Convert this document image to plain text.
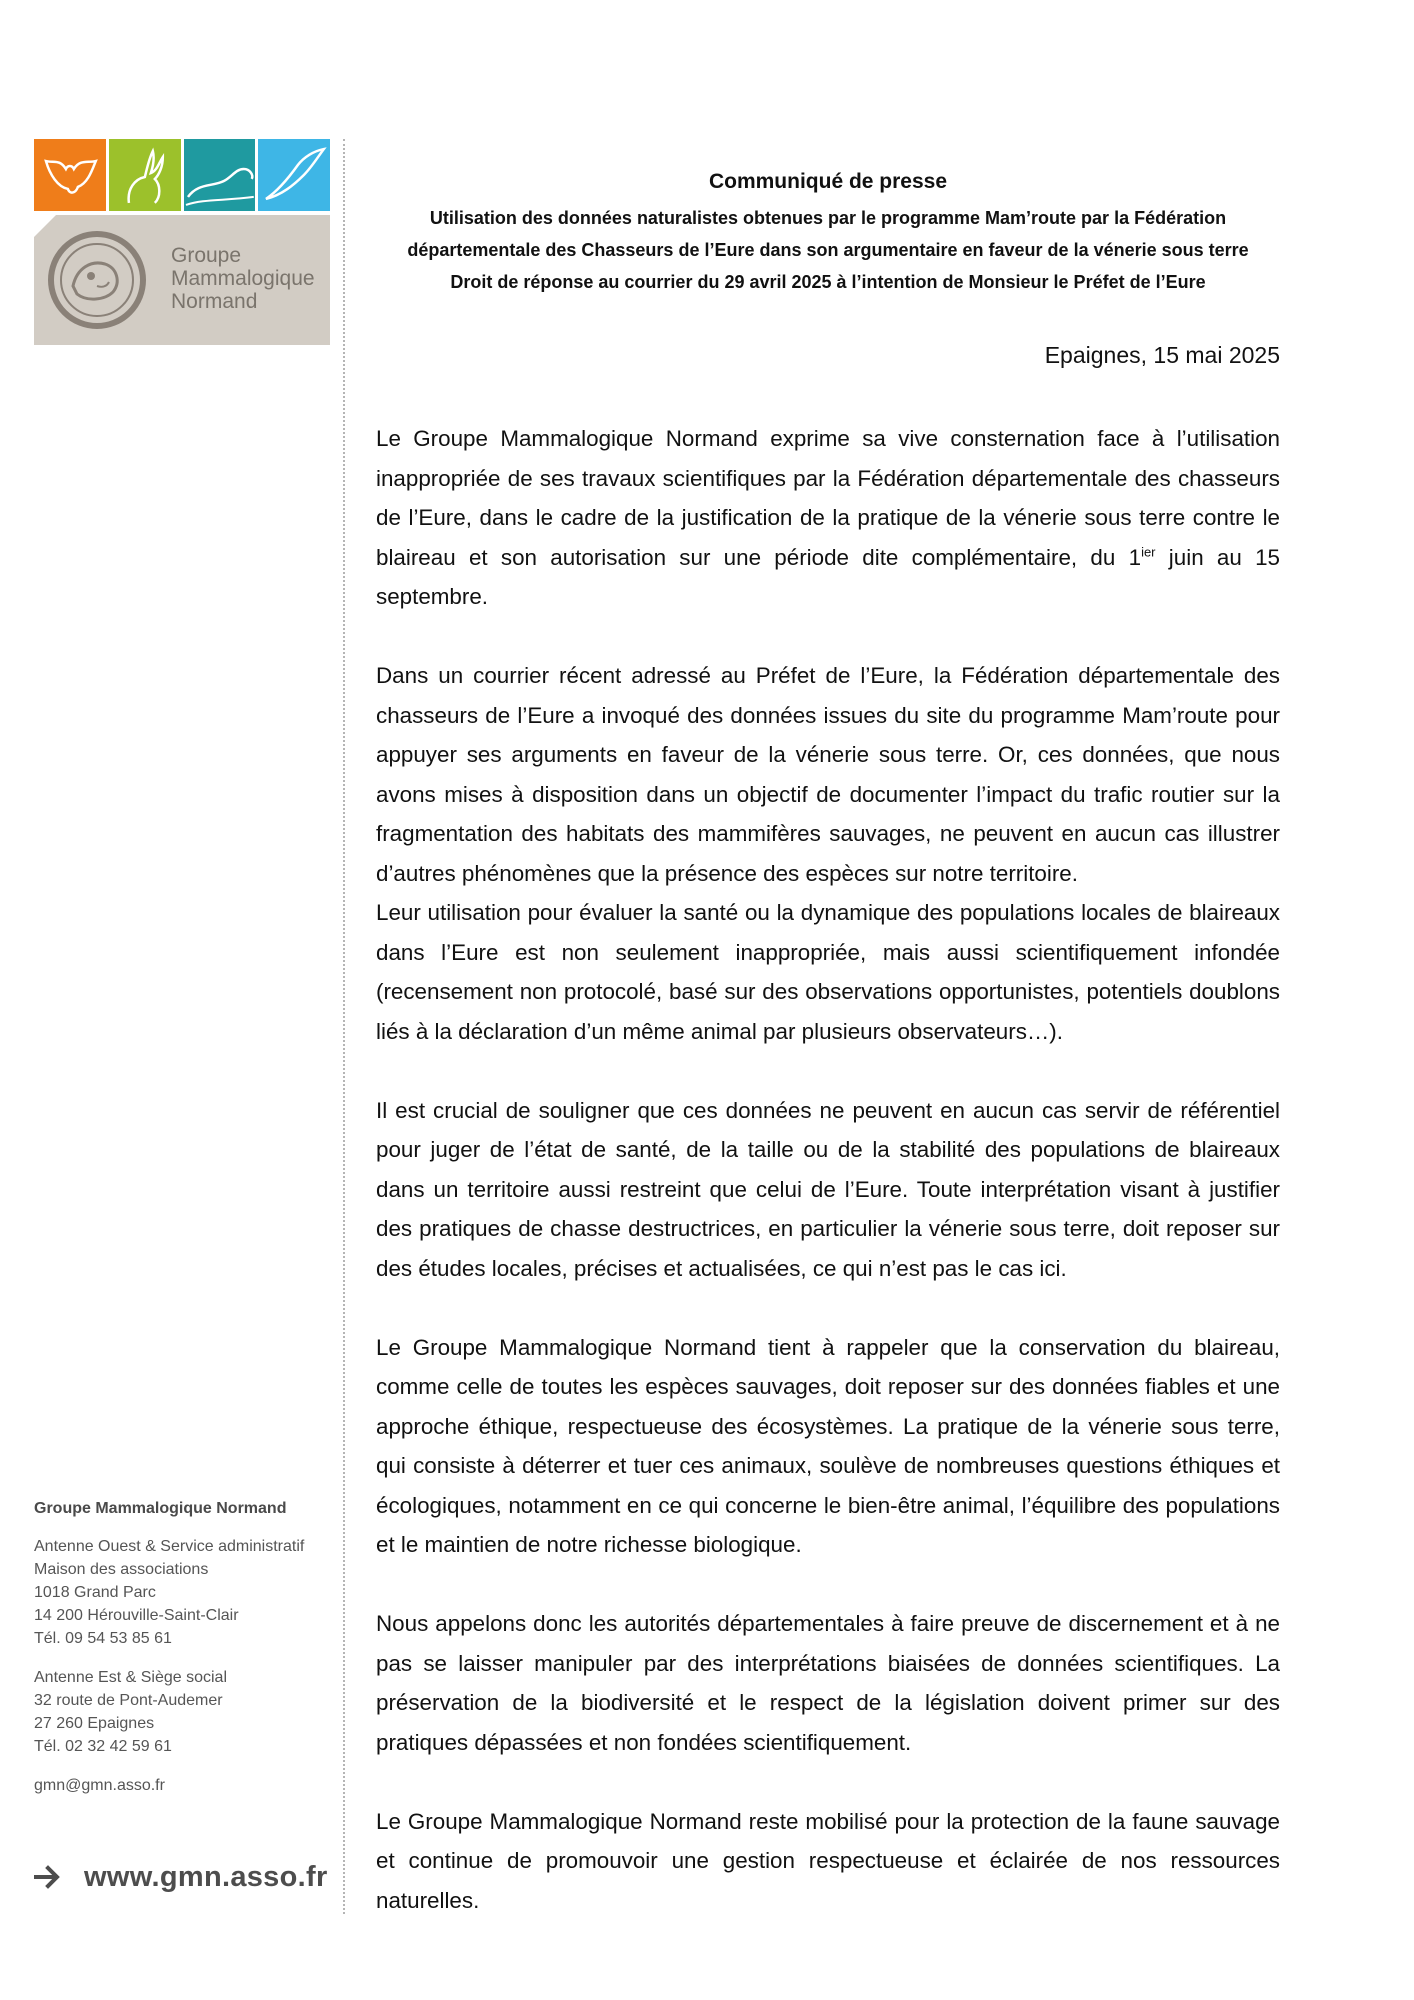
Groupe
Mammalogique
Normand
Communiqué de presse
Utilisation des données naturalistes obtenues par le programme Mam’route par la Fédération
départementale des Chasseurs de l’Eure dans son argumentaire en faveur de la vénerie sous terre
Droit de réponse au courrier du 29 avril 2025 à l’intention de Monsieur le Préfet de l’Eure
Epaignes, 15 mai 2025

Le Groupe Mammalogique Normand exprime sa vive consternation face à l’utilisation inappropriée de ses travaux scientifiques par la Fédération départementale des chasseurs de l’Eure, dans le cadre de la justification de la pratique de la vénerie sous terre contre le blaireau et son autorisation sur une période dite complémentaire, du $1^{ier}$ juin au 15 septembre.

Dans un courrier récent adressé au Préfet de l’Eure, la Fédération départementale des chasseurs de l’Eure a invoqué des données issues du site du programme Mam’route pour appuyer ses arguments en faveur de la vénerie sous terre. Or, ces données, que nous avons mises à disposition dans un objectif de documenter l’impact du trafic routier sur la fragmentation des habitats des mammifères sauvages, ne peuvent en aucun cas illustrer d’autres phénomènes que la présence des espèces sur notre territoire.

Leur utilisation pour évaluer la santé ou la dynamique des populations locales de blaireaux dans l’Eure est non seulement inappropriée, mais aussi scientifiquement infondée (recensement non protocolé, basé sur des observations opportunistes, potentiels doublons liés à la déclaration d’un même animal par plusieurs observateurs…).

Il est crucial de souligner que ces données ne peuvent en aucun cas servir de référentiel pour juger de l’état de santé, de la taille ou de la stabilité des populations de blaireaux dans un territoire aussi restreint que celui de l’Eure. Toute interprétation visant à justifier des pratiques de chasse destructrices, en particulier la vénerie sous terre, doit reposer sur des études locales, précises et actualisées, ce qui n’est pas le cas ici.

Le Groupe Mammalogique Normand tient à rappeler que la conservation du blaireau, comme celle de toutes les espèces sauvages, doit reposer sur des données fiables et une approche éthique, respectueuse des écosystèmes. La pratique de la vénerie sous terre, qui consiste à déterrer et tuer ces animaux, soulève de nombreuses questions éthiques et écologiques, notamment en ce qui concerne le bien-être animal, l’équilibre des populations et le maintien de notre richesse biologique.

Nous appelons donc les autorités départementales à faire preuve de discernement et à ne pas se laisser manipuler par des interprétations biaisées de données scientifiques. La préservation de la biodiversité et le respect de la législation doivent primer sur des pratiques dépassées et non fondées scientifiquement.

Le Groupe Mammalogique Normand reste mobilisé pour la protection de la faune sauvage et continue de promouvoir une gestion respectueuse et éclairée de nos ressources naturelles.

Groupe Mammalogique Normand
Antenne Ouest & Service administratif
Maison des associations
1018 Grand Parc
14 200 Hérouville-Saint-Clair
Tél. 09 54 53 85 61
Antenne Est & Siège social
32 route de Pont-Audemer
27 260 Epaignes
Tél. 02 32 42 59 61
gmn@gmn.asso.fr
www.gmn.asso.fr
